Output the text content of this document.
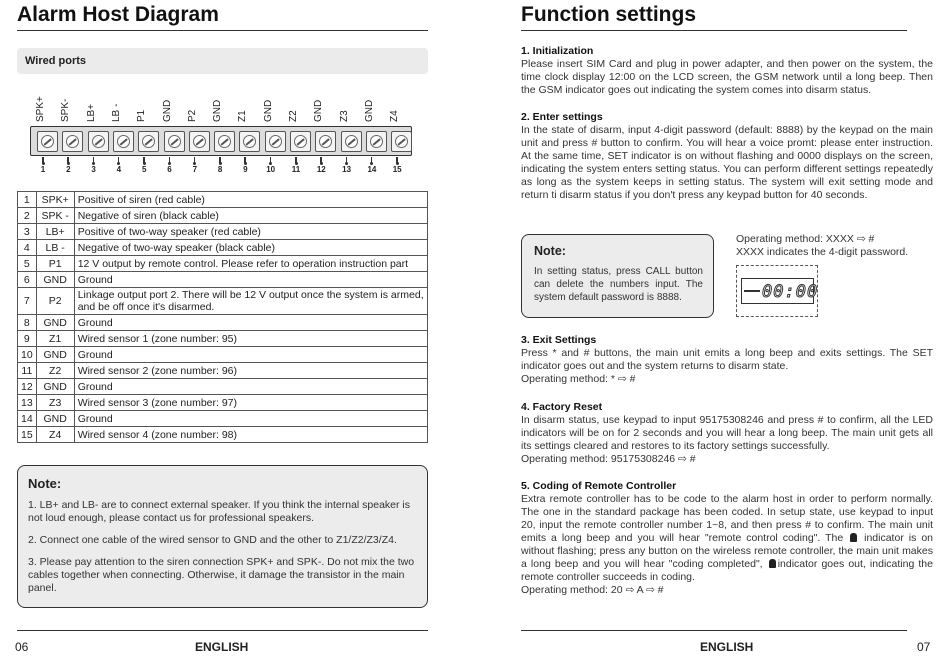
Alarm Host Diagram
Wired ports
SPK+ SPK- LB+ LB - P1 GND P2 GND Z1 GND Z2 GND Z3 GND Z4
1	2	3	4	5	6	7	8	9	10	11	12	13	14	15
1	SPK+	Positive of siren (red cable)
2	SPK -	Negative of siren (black cable)
3	LB+	Positive of two-way speaker (red cable)
4	LB -	Negative of two-way speaker (black cable)
5	P1	12 V output by remote control. Please refer to operation instruction part
6	GND	Ground
7	P2	Linkage output port 2. There will be 12 V output once the system is armed, and be off once it's disarmed.
8	GND	Ground
9	Z1	Wired sensor 1 (zone number: 95)
10	GND	Ground
11	Z2	Wired sensor 2 (zone number: 96)
12	GND	Ground
13	Z3	Wired sensor 3 (zone number: 97)
14	GND	Ground
15	Z4	Wired sensor 4 (zone number: 98)
Note:
1. LB+ and LB- are to connect external speaker. If you think the internal speaker is not loud enough, please contact us for professional speakers.
2. Connect one cable of the wired sensor to GND and the other to Z1/Z2/Z3/Z4.
3. Please pay attention to the siren connection SPK+ and SPK-. Do not mix the two cables together when connecting. Otherwise, it damage the transistor in the main panel.
06	ENGLISH
Function settings
1. Initialization

Please insert SIM Card and plug in power adapter, and then power on the system, the time clock display 12:00 on the LCD screen, the GSM network until a long beep. Then the GSM indicator goes out indicating the system comes into disarm status.

2. Enter settings

In the state of disarm, input 4-digit password (default: 8888) by the keypad on the main unit and press # button to confirm. You will hear a voice promt: please enter instruction. At the same time, SET indicator is on without flashing and 0000 displays on the screen, indicating the system enters setting status. You can perform different settings repeatedly as long as the system keeps in setting status. The system will exit setting mode and return ti disarm status if you don't press any keypad button for 40 seconds.

Note:

In setting status, press CALL button can delete the numbers input. The system default password is 8888.

Operating method: XXXX ⇨ #
XXXX indicates the 4-digit password.
00:00
3. Exit Settings

Press * and # buttons, the main unit emits a long beep and exits settings. The SET indicator goes out and the system returns to disarm state.

Operating method: * ⇨ #

4. Factory Reset

In disarm status, use keypad to input 95175308246 and press # to confirm, all the LED indicators will be on for 2 seconds and you will hear a long beep. The main unit gets all its settings cleared and restores to its factory settings successfully.

Operating method: 95175308246 ⇨ #

5. Coding of Remote Controller

Extra remote controller has to be code to the alarm host in order to perform normally. The one in the standard package has been coded. In setup state, use keypad to input 20, input the remote controller number 1~8, and then press # to confirm. The main unit emits a long beep and you will hear "remote control coding". The indicator is on without flashing; press any button on the wireless remote controller, the main unit makes a long beep and you will hear "coding completed", indicator goes out, indicating the remote controller succeeds in coding.

Operating method: 20 ⇨ A ⇨ #

ENGLISH	07
